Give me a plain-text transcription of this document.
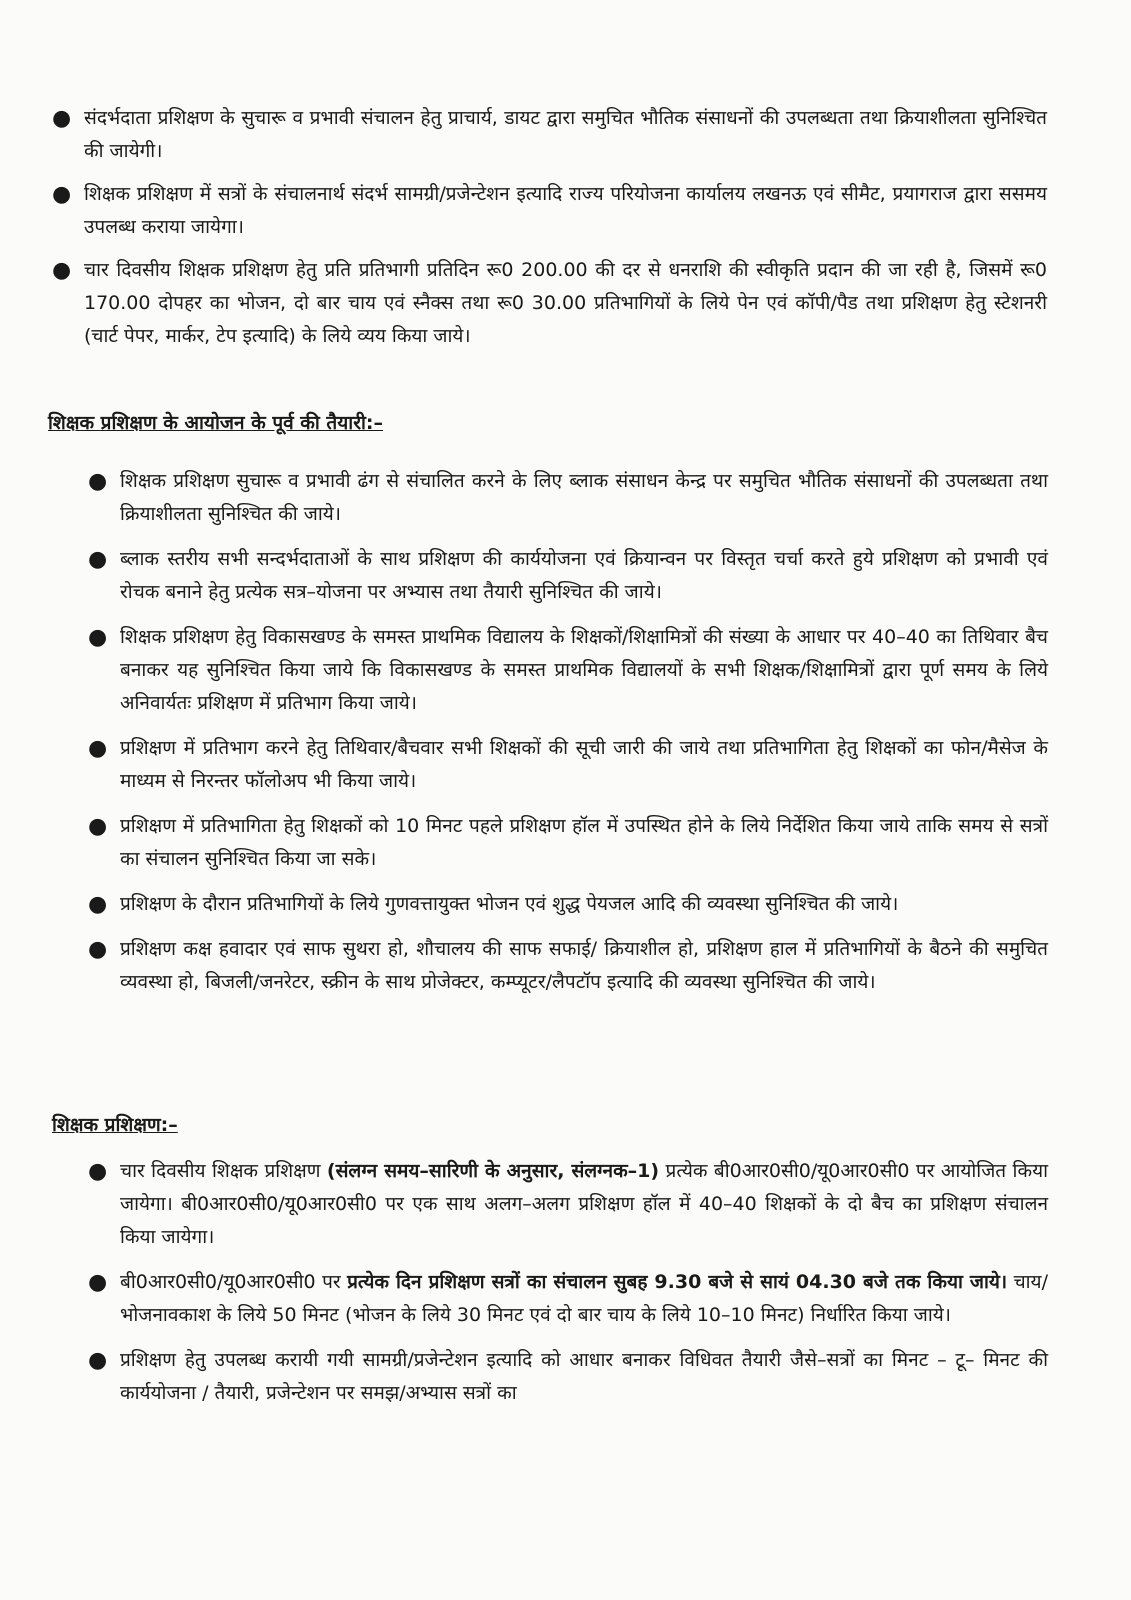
● संदर्भदाता प्रशिक्षण के सुचारू व प्रभावी संचालन हेतु प्राचार्य, डायट द्वारा समुचित भौतिक संसाधनों की उपलब्धता तथा क्रियाशीलता सुनिश्चित की जायेगी।
● शिक्षक प्रशिक्षण में सत्रों के संचालनार्थ संदर्भ सामग्री/प्रजेन्टेशन इत्यादि राज्य परियोजना कार्यालय लखनऊ एवं सीमैट, प्रयागराज द्वारा ससमय उपलब्ध कराया जायेगा।
● चार दिवसीय शिक्षक प्रशिक्षण हेतु प्रति प्रतिभागी प्रतिदिन रू0 200.00 की दर से धनराशि की स्वीकृति प्रदान की जा रही है, जिसमें रू0 170.00 दोपहर का भोजन, दो बार चाय एवं स्नैक्स तथा रू0 30.00 प्रतिभागियों के लिये पेन एवं कॉपी/पैड तथा प्रशिक्षण हेतु स्टेशनरी (चार्ट पेपर, मार्कर, टेप इत्यादि) के लिये व्यय किया जाये।
शिक्षक प्रशिक्षण के आयोजन के पूर्व की तैयारी:–
● शिक्षक प्रशिक्षण सुचारू व प्रभावी ढंग से संचालित करने के लिए ब्लाक संसाधन केन्द्र पर समुचित भौतिक संसाधनों की उपलब्धता तथा क्रियाशीलता सुनिश्चित की जाये।
● ब्लाक स्तरीय सभी सन्दर्भदाताओं के साथ प्रशिक्षण की कार्ययोजना एवं क्रियान्वन पर विस्तृत चर्चा करते हुये प्रशिक्षण को प्रभावी एवं रोचक बनाने हेतु प्रत्येक सत्र–योजना पर अभ्यास तथा तैयारी सुनिश्चित की जाये।
● शिक्षक प्रशिक्षण हेतु विकासखण्ड के समस्त प्राथमिक विद्यालय के शिक्षकों/शिक्षामित्रों की संख्या के आधार पर 40–40 का तिथिवार बैच बनाकर यह सुनिश्चित किया जाये कि विकासखण्ड के समस्त प्राथमिक विद्यालयों के सभी शिक्षक/शिक्षामित्रों द्वारा पूर्ण समय के लिये अनिवार्यतः प्रशिक्षण में प्रतिभाग किया जाये।
● प्रशिक्षण में प्रतिभाग करने हेतु तिथिवार/बैचवार सभी शिक्षकों की सूची जारी की जाये तथा प्रतिभागिता हेतु शिक्षकों का फोन/मैसेज के माध्यम से निरन्तर फॉलोअप भी किया जाये।
● प्रशिक्षण में प्रतिभागिता हेतु शिक्षकों को 10 मिनट पहले प्रशिक्षण हॉल में उपस्थित होने के लिये निर्देशित किया जाये ताकि समय से सत्रों का संचालन सुनिश्चित किया जा सके।
● प्रशिक्षण के दौरान प्रतिभागियों के लिये गुणवत्तायुक्त भोजन एवं शुद्ध पेयजल आदि की व्यवस्था सुनिश्चित की जाये।
● प्रशिक्षण कक्ष हवादार एवं साफ सुथरा हो, शौचालय की साफ सफाई/ क्रियाशील हो, प्रशिक्षण हाल में प्रतिभागियों के बैठने की समुचित व्यवस्था हो, बिजली/जनरेटर, स्क्रीन के साथ प्रोजेक्टर, कम्प्यूटर/लैपटॉप इत्यादि की व्यवस्था सुनिश्चित की जाये।
शिक्षक प्रशिक्षण:–
● चार दिवसीय शिक्षक प्रशिक्षण (संलग्न समय–सारिणी के अनुसार, संलग्नक–1) प्रत्येक बी0आर0सी0/यू0आर0सी0 पर आयोजित किया जायेगा। बी0आर0सी0/यू0आर0सी0 पर एक साथ अलग–अलग प्रशिक्षण हॉल में 40–40 शिक्षकों के दो बैच का प्रशिक्षण संचालन किया जायेगा।
● बी0आर0सी0/यू0आर0सी0 पर प्रत्येक दिन प्रशिक्षण सत्रों का संचालन सुबह 9.30 बजे से सायं 04.30 बजे तक किया जाये। चाय/भोजनावकाश के लिये 50 मिनट (भोजन के लिये 30 मिनट एवं दो बार चाय के लिये 10–10 मिनट) निर्धारित किया जाये।
● प्रशिक्षण हेतु उपलब्ध करायी गयी सामग्री/प्रजेन्टेशन इत्यादि को आधार बनाकर विधिवत तैयारी जैसे–सत्रों का मिनट – टू– मिनट की कार्ययोजना / तैयारी, प्रजेन्टेशन पर समझ/अभ्यास सत्रों का
